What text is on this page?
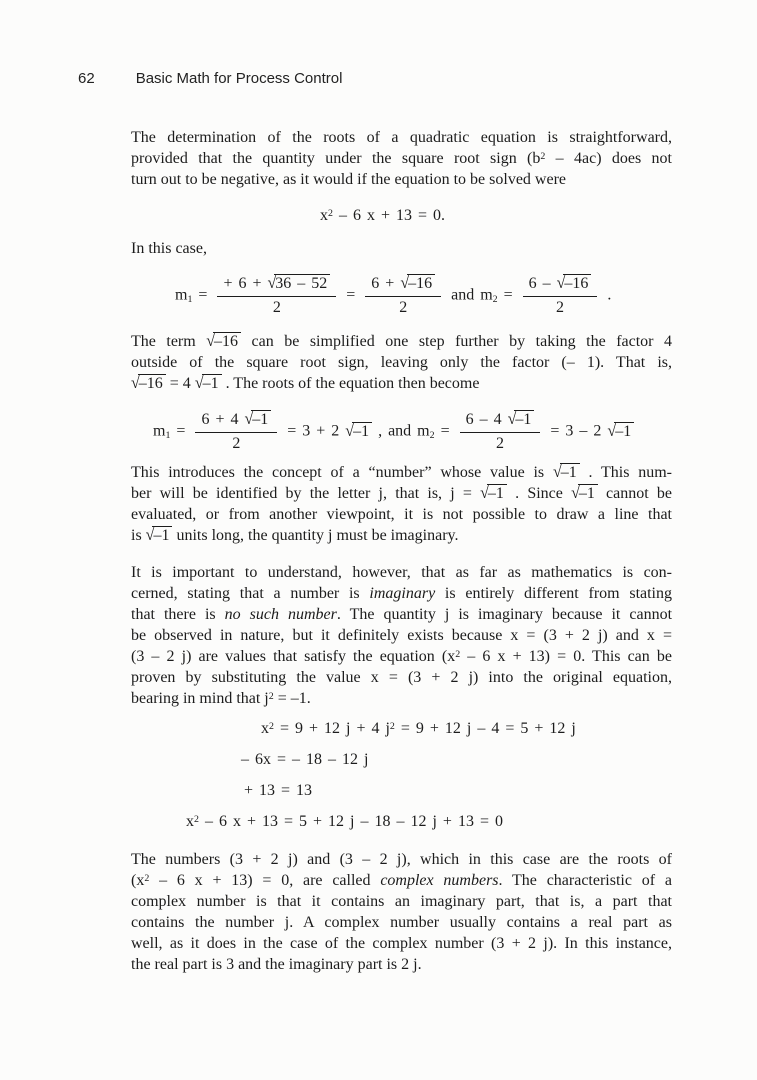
62	Basic Math for Process Control
The determination of the roots of a quadratic equation is straightforward,
provided that the quantity under the square root sign $(b^2 - 4ac)$ does not
turn out to be negative, as it would if the equation to be solved were
$x^2 - 6$ x + 13 = 0.
In this case,
$m_1 = \frac{+ 6 + √36 - 52}{2} = \frac{6 + √-16}{2}$ and $m_2 = \frac{6 - √-16}{2}$ .
The term √–16 can be simplified one step further by taking the factor 4
outside of the square root sign, leaving only the factor (– 1). That is,
√–16 = 4 √–1 . The roots of the equation then become
$m_1 = \frac{6 + 4 √-1}{2} = 3 + 2$ √–1 , and $m_2 = \frac{6 - 4 √-1}{2} = 3 - 2$ √–1
This introduces the concept of a “number” whose value is √–1 . This num-
ber will be identified by the letter j, that is, j = √–1 . Since √–1 cannot be
evaluated, or from another viewpoint, it is not possible to draw a line that
is √–1 units long, the quantity j must be imaginary.
It is important to understand, however, that as far as mathematics is con-
cerned, stating that a number is imaginary is entirely different from stating
that there is no such number. The quantity j is imaginary because it cannot
be observed in nature, but it definitely exists because x = (3 + 2 j) and x =
(3 – 2 j) are values that satisfy the equation ($x^2 - 6$ x + 13) = 0. This can be
proven by substituting the value x = (3 + 2 j) into the original equation,
bearing in mind that $j^2 = -1$.
$x^2 = 9 + 12$ j + 4 $j^2 = 9 + 12$ j – 4 = 5 + 12 j
– 6x = – 18 – 12 j
+ 13 = 13
$x^2 - 6$ x + 13 = 5 + 12 j – 18 – 12 j + 13 = 0
The numbers (3 + 2 j) and (3 – 2 j), which in this case are the roots of
($x^2 - 6$ x + 13) = 0, are called complex numbers. The characteristic of a
complex number is that it contains an imaginary part, that is, a part that
contains the number j. A complex number usually contains a real part as
well, as it does in the case of the complex number (3 + 2 j). In this instance,
the real part is 3 and the imaginary part is 2 j.
